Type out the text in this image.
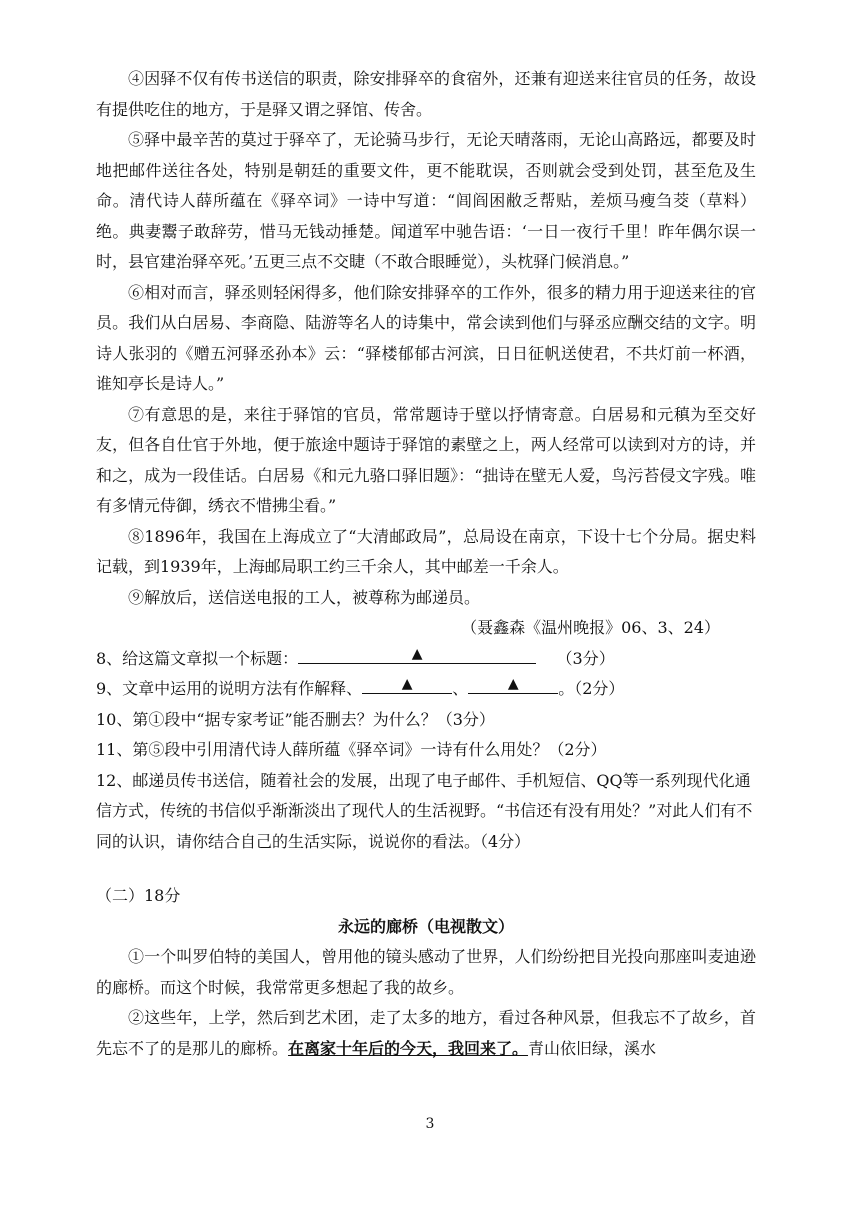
④因驿不仅有传书送信的职责，除安排驿卒的食宿外，还兼有迎送来往官员的任务，故设有提供吃住的地方，于是驿又谓之驿馆、传舍。

⑤驿中最辛苦的莫过于驿卒了，无论骑马步行，无论天晴落雨，无论山高路远，都要及时地把邮件送往各处，特别是朝廷的重要文件，更不能耽误，否则就会受到处罚，甚至危及生命。清代诗人薛所蕴在《驿卒词》一诗中写道：“闾阎困敝乏帮贴，差烦马瘦刍茭（草料）绝。典妻鬻子敢辞劳，惜马无钱动捶楚。闻道军中驰告语：‘一日一夜行千里！昨年偶尔误一时，县官建治驿卒死。’五更三点不交睫（不敢合眼睡觉），头枕驿门候消息。”

⑥相对而言，驿丞则轻闲得多，他们除安排驿卒的工作外，很多的精力用于迎送来往的官员。我们从白居易、李商隐、陆游等名人的诗集中，常会读到他们与驿丞应酬交结的文字。明诗人张羽的《赠五河驿丞孙本》云：“驿楼郁郁古河滨，日日征帆送使君，不共灯前一杯酒，谁知亭长是诗人。”

⑦有意思的是，来往于驿馆的官员，常常题诗于壁以抒情寄意。白居易和元稹为至交好友，但各自仕官于外地，便于旅途中题诗于驿馆的素壁之上，两人经常可以读到对方的诗，并和之，成为一段佳话。白居易《和元九骆口驿旧题》：“拙诗在壁无人爱，鸟污苔侵文字残。唯有多情元侍御，绣衣不惜拂尘看。”

⑧1896年，我国在上海成立了“大清邮政局”，总局设在南京，下设十七个分局。据史料记载，到1939年，上海邮局职工约三千余人，其中邮差一千余人。

⑨解放后，送信送电报的工人，被尊称为邮递员。

（聂鑫森《温州晚报》06、3、24）

8、给这篇文章拟一个标题：	▲	（3分）

9、文章中运用的说明方法有作解释、	▲ 、	▲ 。（2分）

10、第①段中“据专家考证”能否删去？为什么？（3分）

11、第⑤段中引用清代诗人薛所蕴《驿卒词》一诗有什么用处？（2分）

12、邮递员传书送信，随着社会的发展，出现了电子邮件、手机短信、QQ等一系列现代化通信方式，传统的书信似乎渐渐淡出了现代人的生活视野。“书信还有没有用处？”对此人们有不同的认识，请你结合自己的生活实际，说说你的看法。（4分）

（二）18分

永远的廊桥（电视散文）

①一个叫罗伯特的美国人，曾用他的镜头感动了世界，人们纷纷把目光投向那座叫麦迪逊的廊桥。而这个时候，我常常更多想起了我的故乡。

②这些年，上学，然后到艺术团，走了太多的地方，看过各种风景，但我忘不了故乡，首先忘不了的是那儿的廊桥。在离家十年后的今天，我回来了。青山依旧绿，溪水

3
